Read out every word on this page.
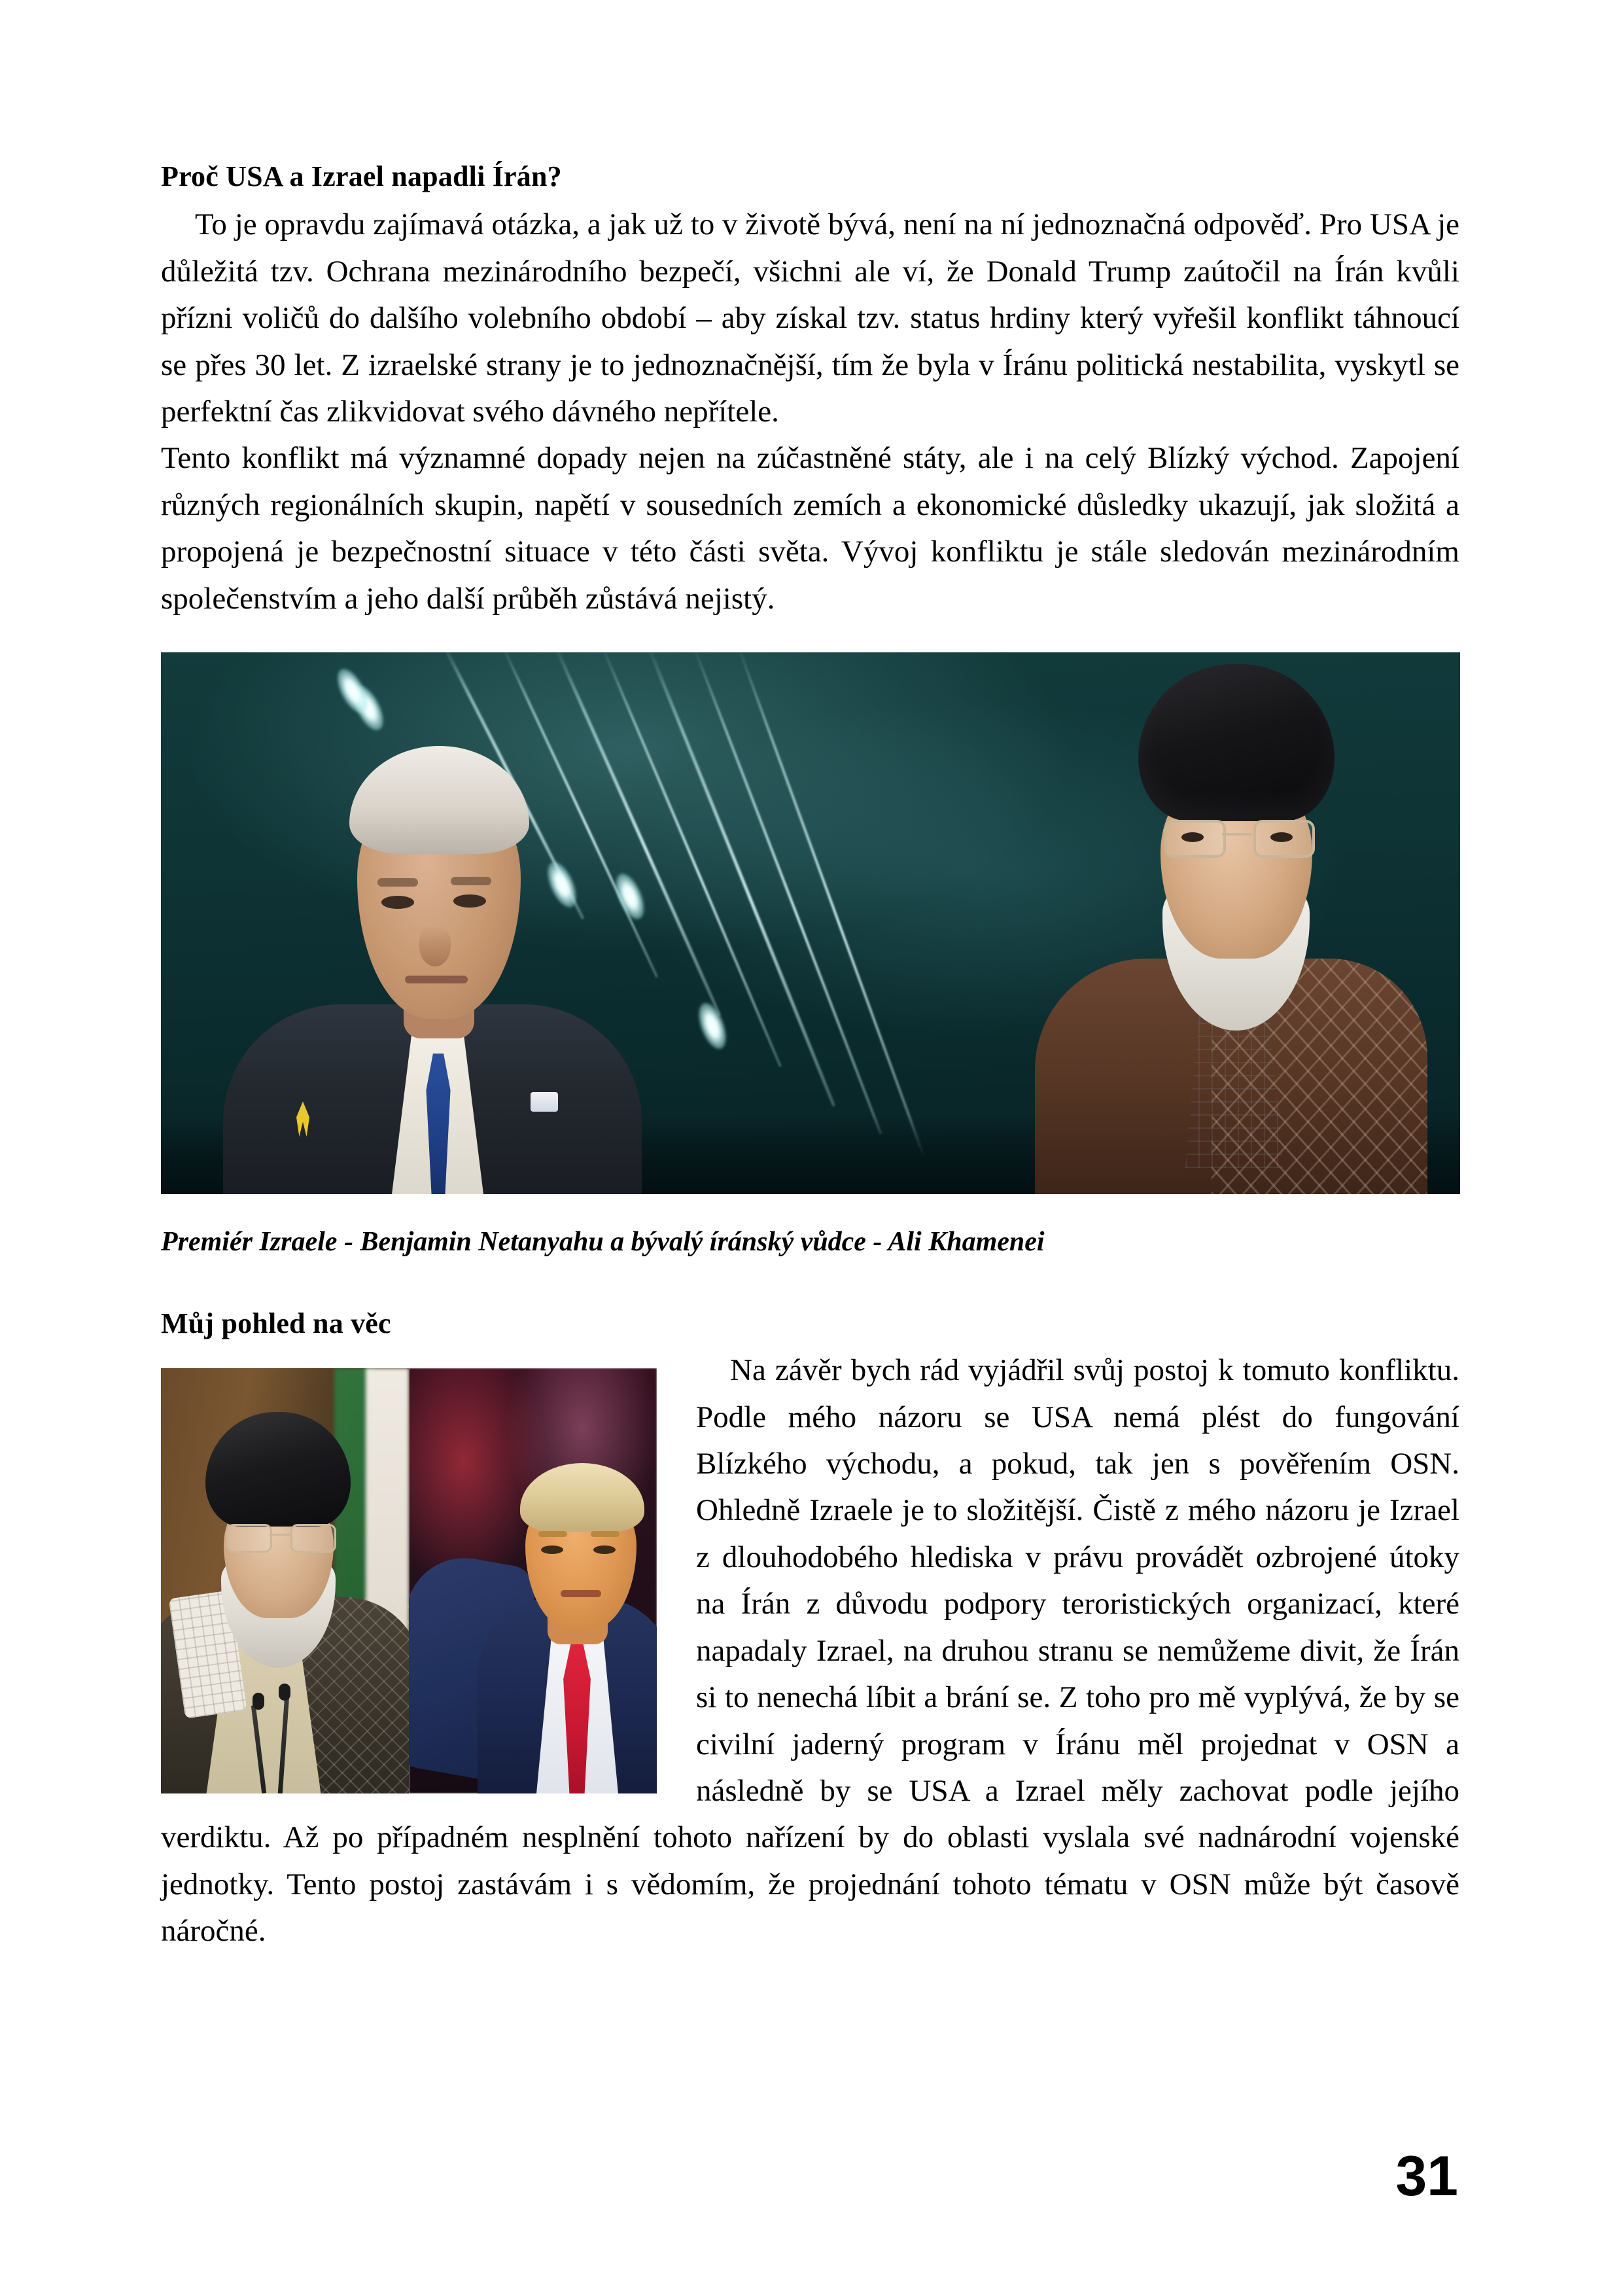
Proč USA a Izrael napadli Írán?

To je opravdu zajímavá otázka, a jak už to v životě bývá, není na ní jednoznačná odpověď. Pro USA je důležitá tzv. Ochrana mezinárodního bezpečí, všichni ale ví, že Donald Trump zaútočil na Írán kvůli přízni voličů do dalšího volebního období – aby získal tzv. status hrdiny který vyřešil konflikt táhnoucí se přes 30 let. Z izraelské strany je to jednoznačnější, tím že byla v Íránu politická nestabilita, vyskytl se perfektní čas zlikvidovat svého dávného nepřítele.

Tento konflikt má významné dopady nejen na zúčastněné státy, ale i na celý Blízký východ. Zapojení různých regionálních skupin, napětí v sousedních zemích a ekonomické důsledky ukazují, jak složitá a propojená je bezpečnostní situace v této části světa. Vývoj konfliktu je stále sledován mezinárodním společenstvím a jeho další průběh zůstává nejistý.

Premiér Izraele - Benjamin Netanyahu a bývalý íránský vůdce - Ali Khamenei
Můj pohled na věc

Na závěr bych rád vyjádřil svůj postoj k tomuto konfliktu. Podle mého názoru se USA nemá plést do fungování Blízkého východu, a pokud, tak jen s pověřením OSN. Ohledně Izraele je to složitější. Čistě z mého názoru je Izrael z dlouhodobého hlediska v právu provádět ozbrojené útoky na Írán z důvodu podpory teroristických organizací, které napadaly Izrael, na druhou stranu se nemůžeme divit, že Írán si to nenechá líbit a brání se. Z toho pro mě vyplývá, že by se civilní jaderný program v Íránu měl projednat v OSN a následně by se USA a Izrael měly zachovat podle jejího verdiktu. Až po případném nesplnění tohoto nařízení by do oblasti vyslala své nadnárodní vojenské jednotky. Tento postoj zastávám i s vědomím, že projednání tohoto tématu v OSN může být časově náročné.

31
